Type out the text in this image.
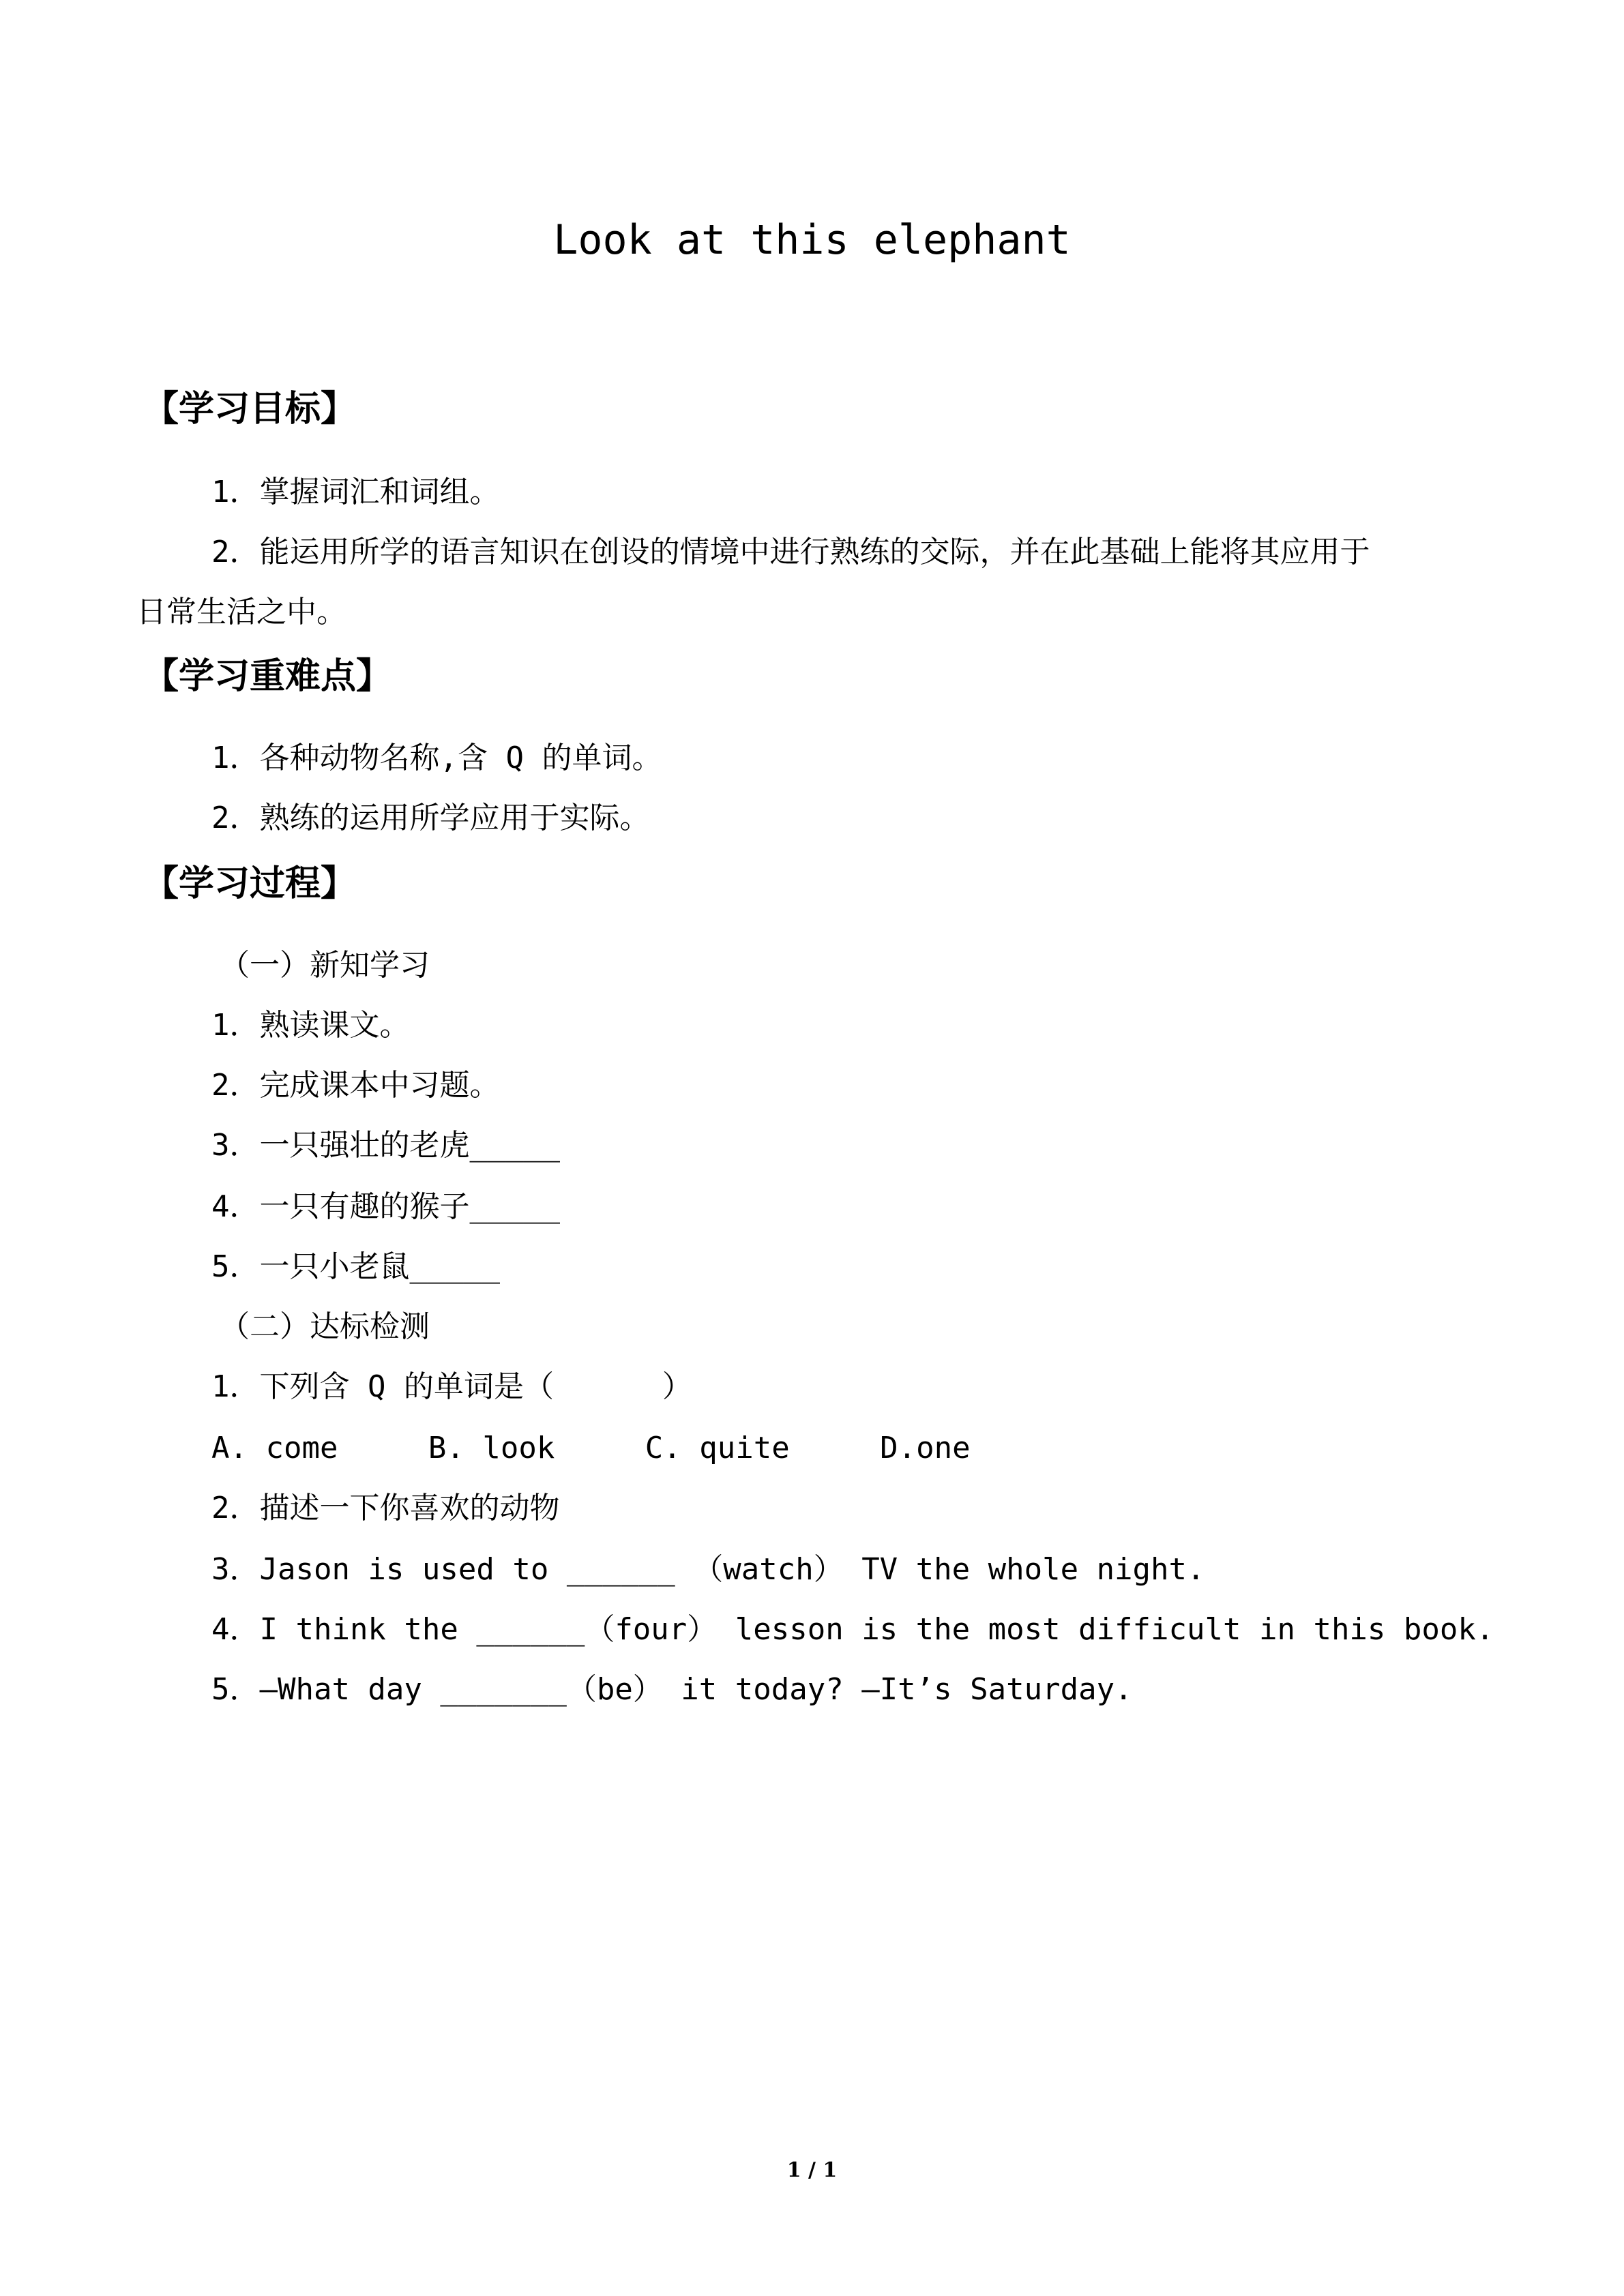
Look at this elephant
【学习目标】
1．掌握词汇和词组。
2．能运用所学的语言知识在创设的情境中进行熟练的交际，并在此基础上能将其应用于
日常生活之中。
【学习重难点】
1．各种动物名称,含 Q 的单词。
2．熟练的运用所学应用于实际。
【学习过程】
（一）新知学习
1．熟读课文。
2．完成课本中习题。
3．一只强壮的老虎_____
4．一只有趣的猴子_____
5．一只小老鼠_____
（二）达标检测
1．下列含 Q 的单词是（      ）
A. come     B. look     C. quite     D.one
2．描述一下你喜欢的动物
3．Jason is used to ______ （watch） TV the whole night.
4．I think the ______（four） lesson is the most difficult in this book.
5．—What day _______（be） it today? —It’s Saturday.
1 / 1
